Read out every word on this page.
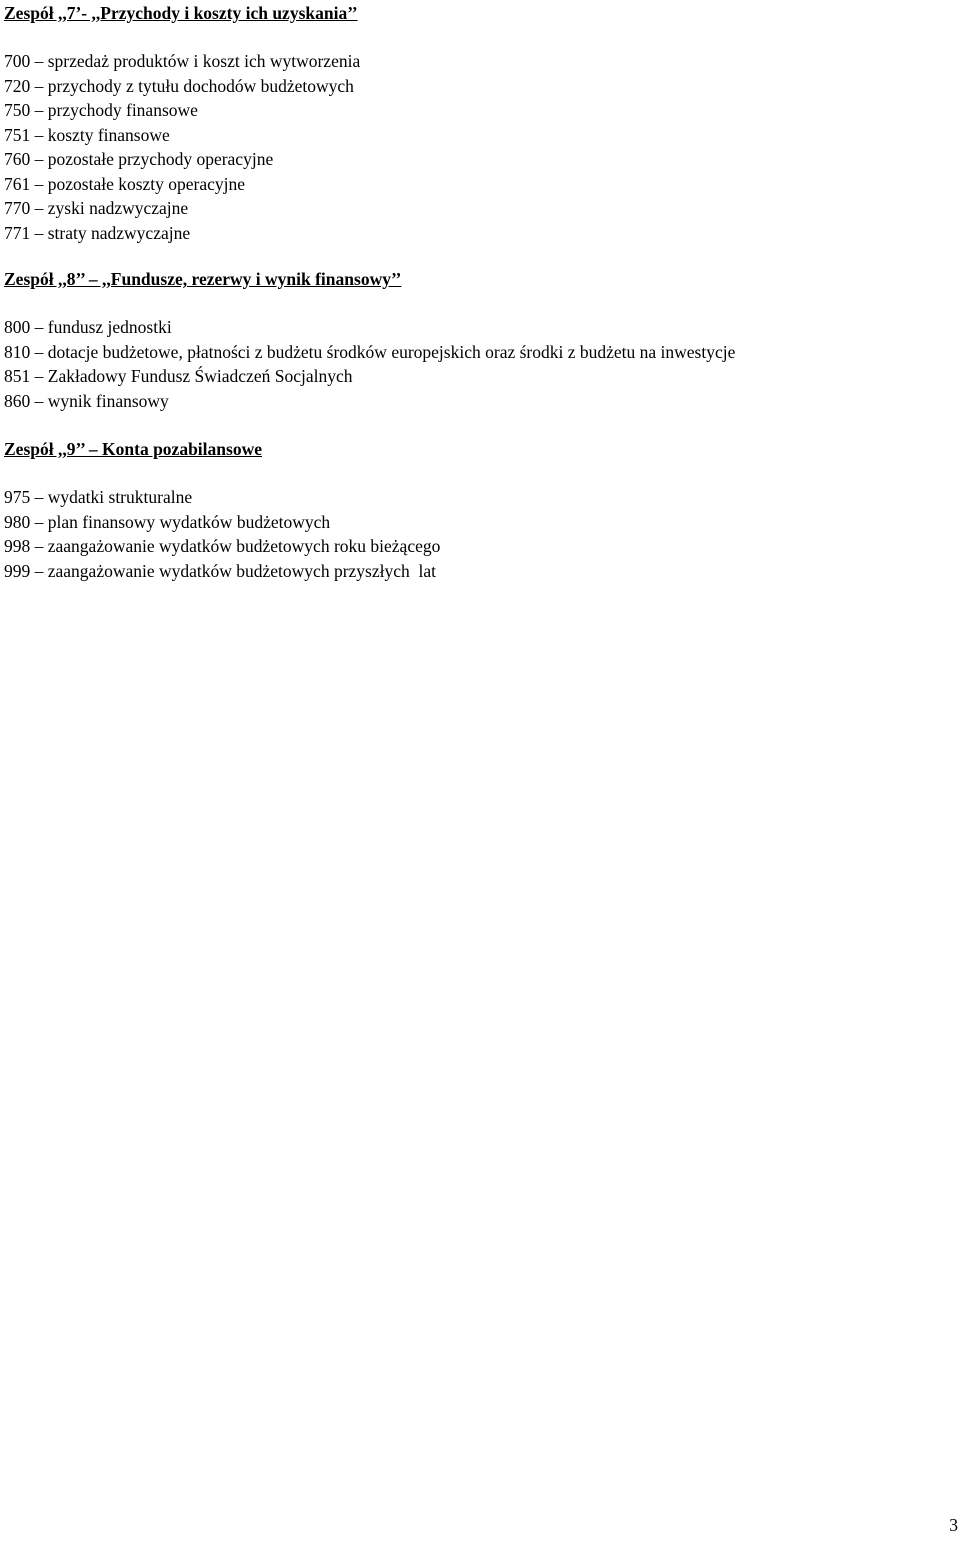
Zespół ,,7’- ,,Przychody i koszty ich uzyskania’’
700 – sprzedaż produktów i koszt ich wytworzenia
720 – przychody z tytułu dochodów budżetowych
750 – przychody finansowe
751 – koszty finansowe
760 – pozostałe przychody operacyjne
761 – pozostałe koszty operacyjne
770 – zyski nadzwyczajne
771 – straty nadzwyczajne
Zespół ,,8’’ – ,,Fundusze, rezerwy i wynik finansowy’’
800 – fundusz jednostki
810 – dotacje budżetowe, płatności z budżetu środków europejskich oraz środki z budżetu na inwestycje
851 – Zakładowy Fundusz Świadczeń Socjalnych
860 – wynik finansowy
Zespół ,,9’’ – Konta pozabilansowe
975 – wydatki strukturalne
980 – plan finansowy wydatków budżetowych
998 – zaangażowanie wydatków budżetowych roku bieżącego
999 – zaangażowanie wydatków budżetowych przyszłych  lat
3
